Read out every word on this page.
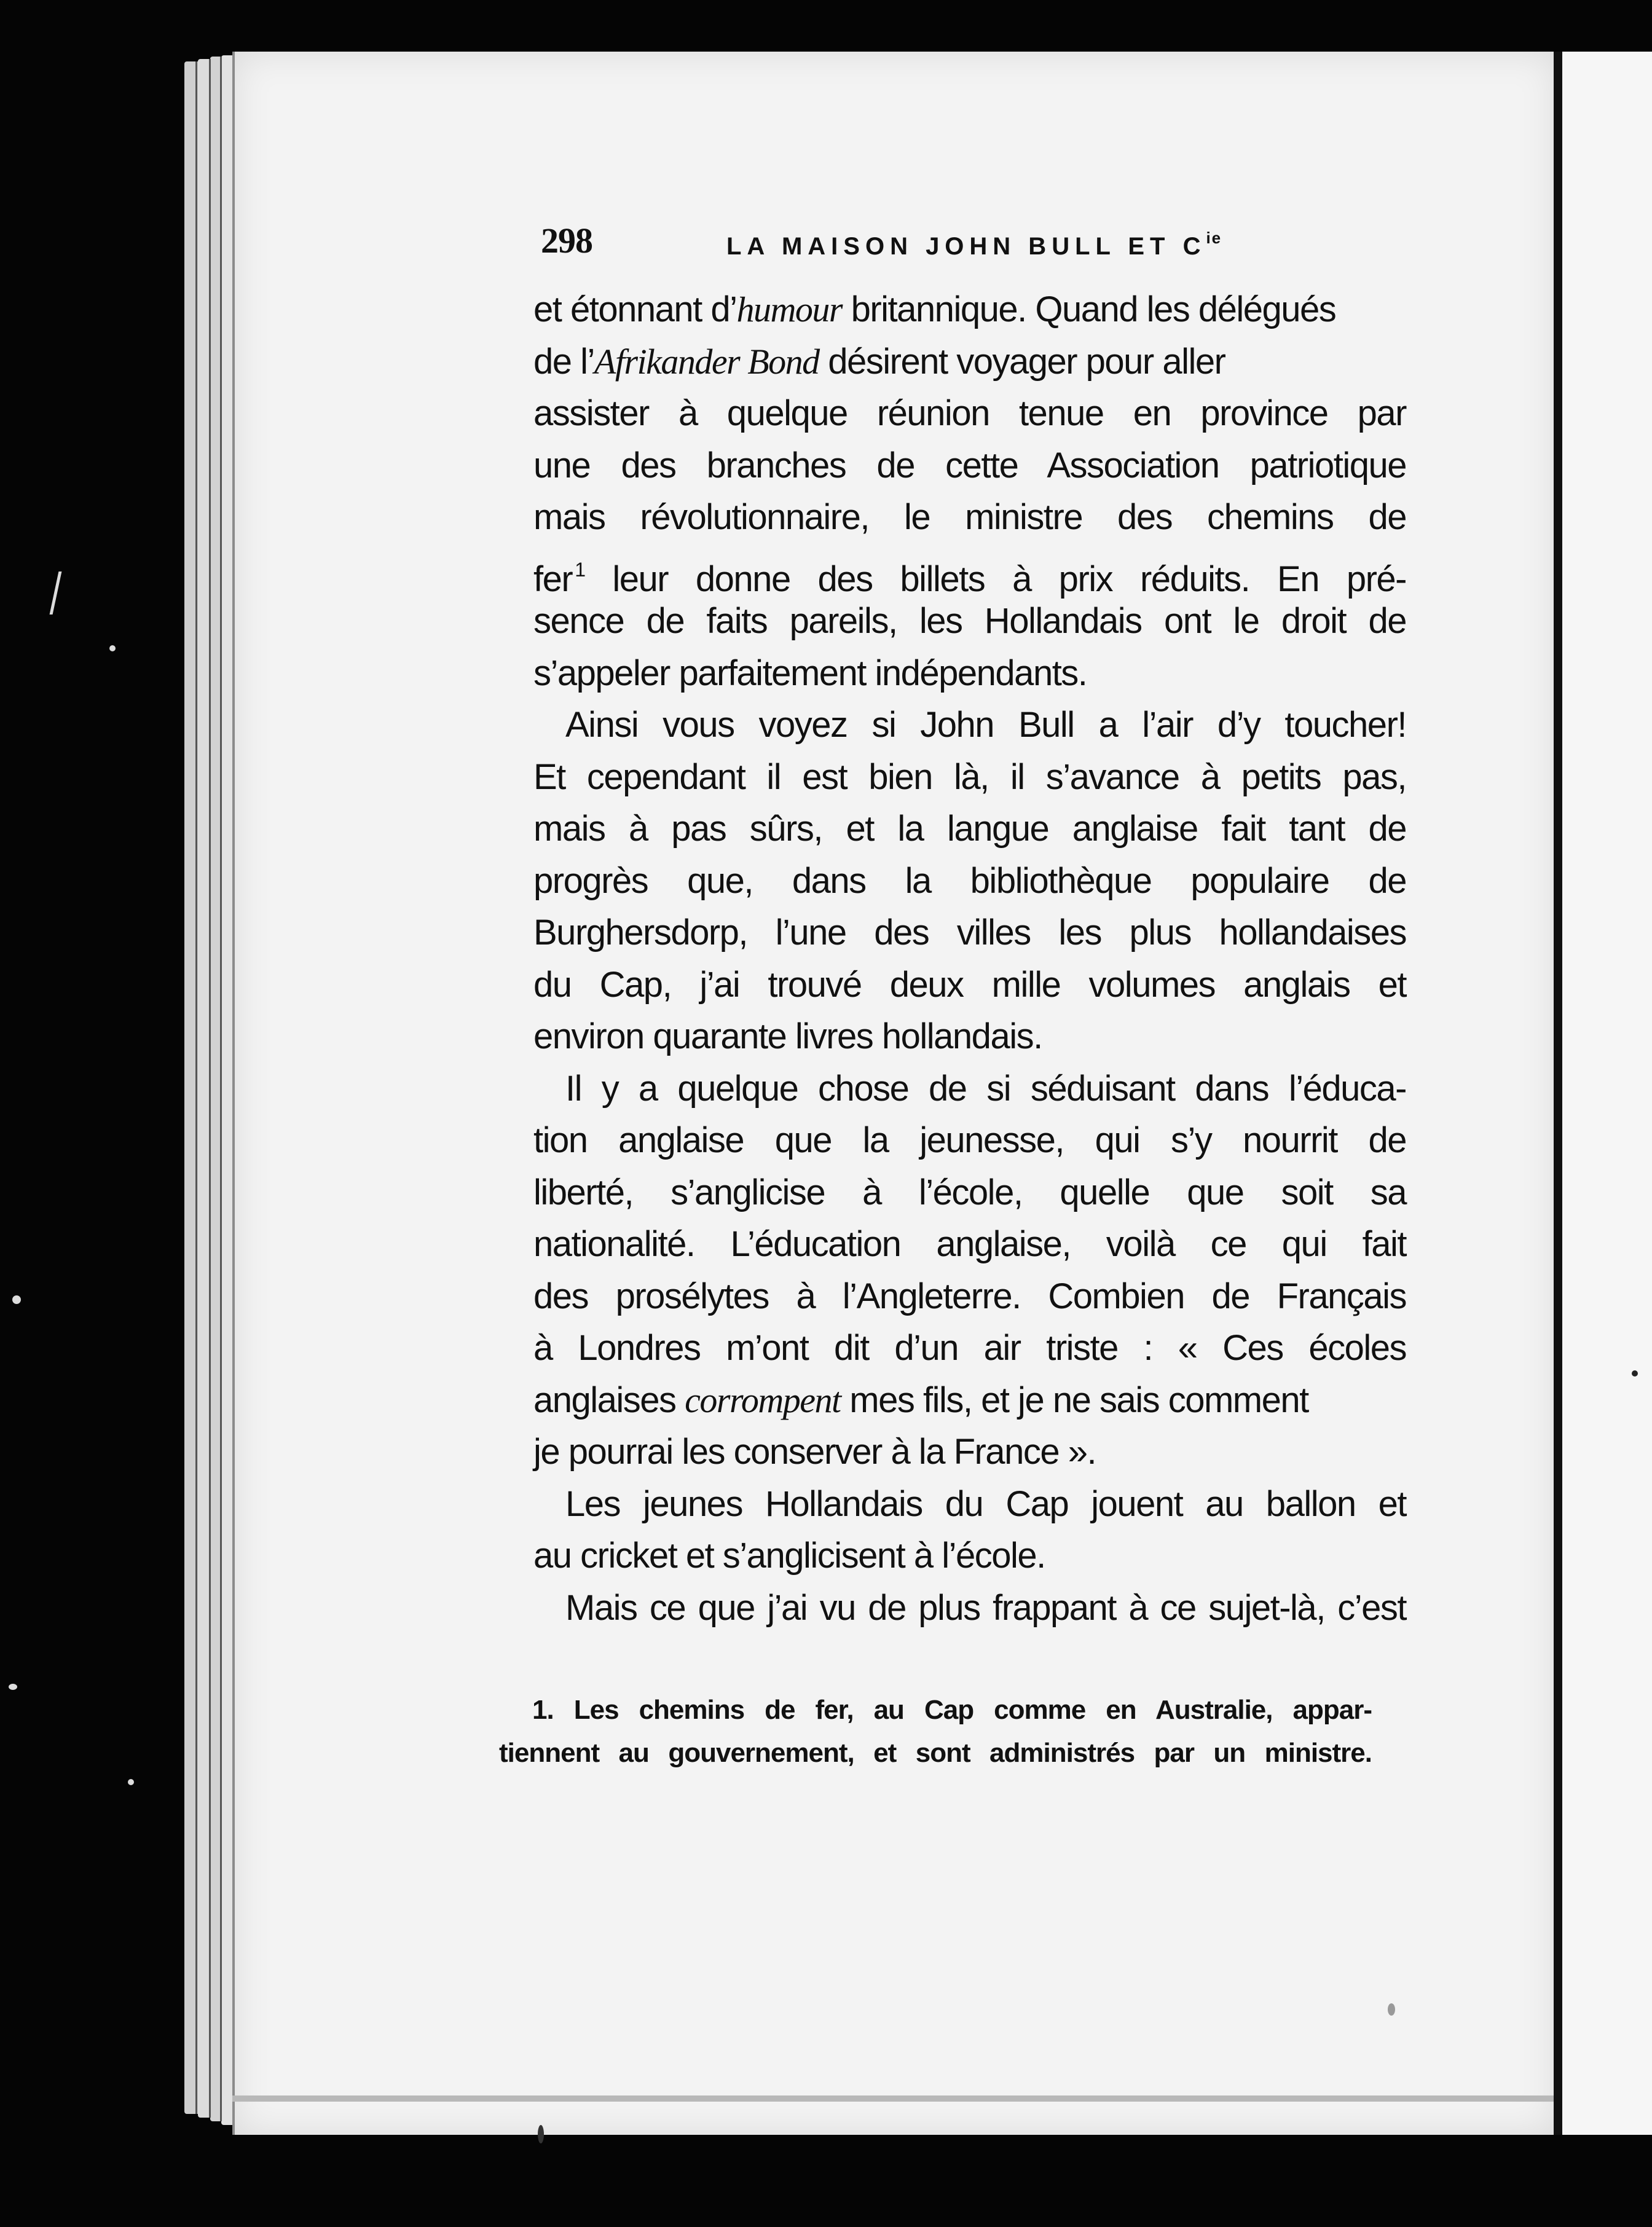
298	LA MAISON JOHN BULL ET $C^{ie}$
et étonnant d’humour britannique. Quand les délégués
de l’Afrikander Bond désirent voyager pour aller
assister à quelque réunion tenue en province par
une des branches de cette Association patriotique
mais révolutionnaire, le ministre des chemins de
fer $^1$ leur donne des billets à prix réduits. En pré-
sence de faits pareils, les Hollandais ont le droit de
s’appeler parfaitement indépendants.
Ainsi vous voyez si John Bull a l’air d’y toucher!
Et cependant il est bien là, il s’avance à petits pas,
mais à pas sûrs, et la langue anglaise fait tant de
progrès que, dans la bibliothèque populaire de
Burghersdorp, l’une des villes les plus hollandaises
du Cap, j’ai trouvé deux mille volumes anglais et
environ quarante livres hollandais.
Il y a quelque chose de si séduisant dans l’éduca-
tion anglaise que la jeunesse, qui s’y nourrit de
liberté, s’anglicise à l’école, quelle que soit sa
nationalité. L’éducation anglaise, voilà ce qui fait
des prosélytes à l’Angleterre. Combien de Français
à Londres m’ont dit d’un air triste : « Ces écoles
anglaises corrompent mes fils, et je ne sais comment
je pourrai les conserver à la France ».
Les jeunes Hollandais du Cap jouent au ballon et
au cricket et s’anglicisent à l’école.
Mais ce que j’ai vu de plus frappant à ce sujet-là, c’est
1. Les chemins de fer, au Cap comme en Australie, appar-
tiennent au gouvernement, et sont administrés par un ministre.
